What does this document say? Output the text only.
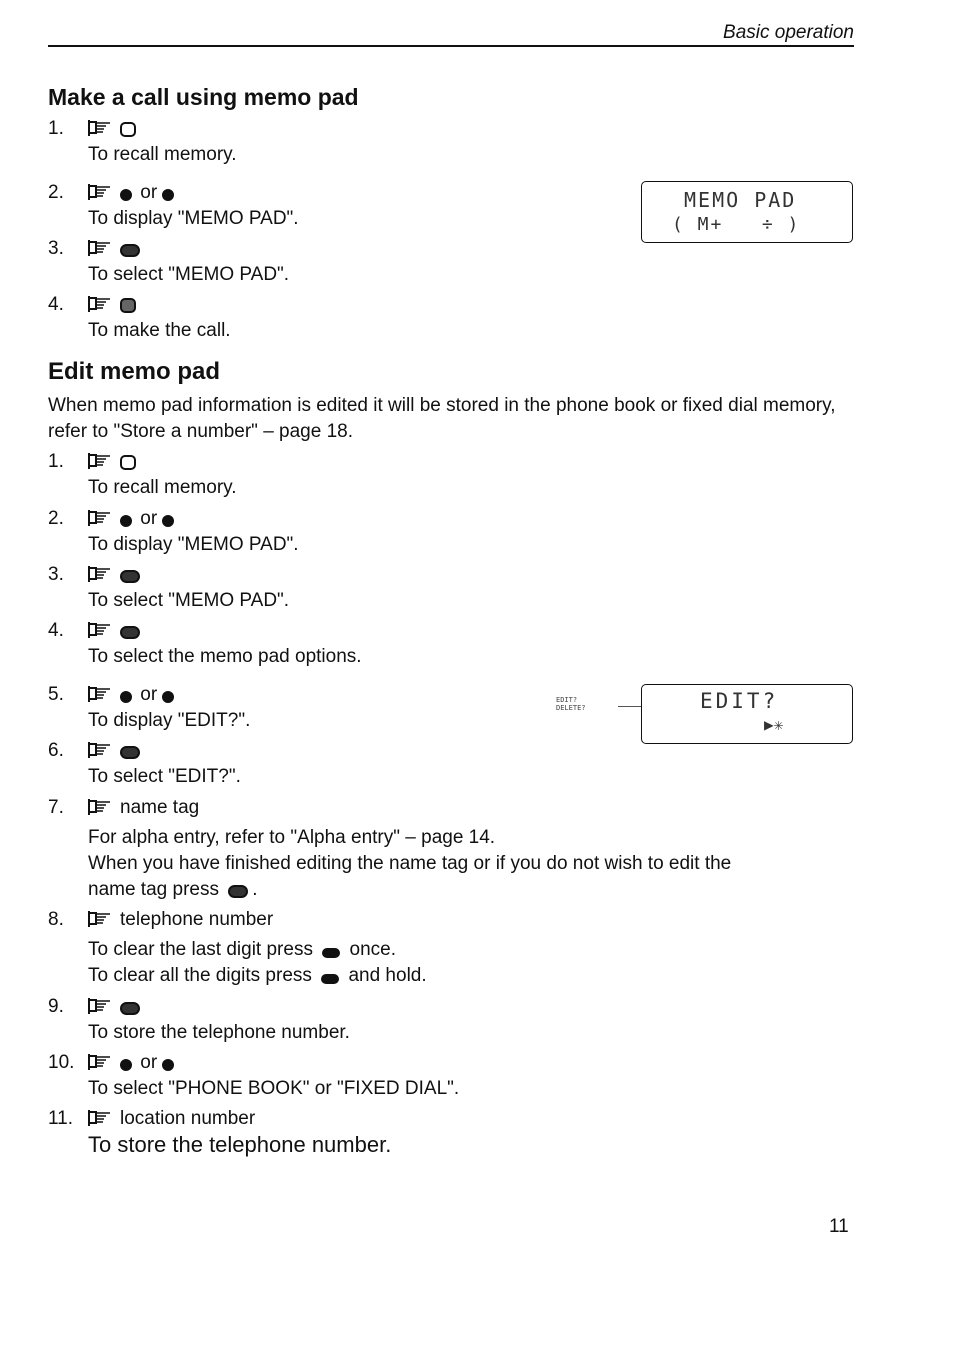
Basic operation
Make a call using memo pad
1.
To recall memory.
2.	or
To display "MEMO PAD".
3.
To select "MEMO PAD".
4.
To make the call.
MEMO PAD
( M+   ÷ )
Edit memo pad
When memo pad information is edited it will be stored in the phone book or fixed dial memory, refer to "Store a number" – page 18.
1.
To recall memory.
2.	or
To display "MEMO PAD".
3.
To select "MEMO PAD".
4.
To select the memo pad options.
5.	or
To display "EDIT?".
6.
To select "EDIT?".
7.	name tag
For alpha entry, refer to "Alpha entry" – page 14.
When you have finished editing the name tag or if you do not wish to edit the
name tag press .
8.	telephone number
To clear the last digit press once.
To clear all the digits press and hold.
9.
To store the telephone number.
10.	or
To select "PHONE BOOK" or "FIXED DIAL".
11.	location number
To store the telephone number.
EDIT?
DELETE?	EDIT?
▶✳
11
